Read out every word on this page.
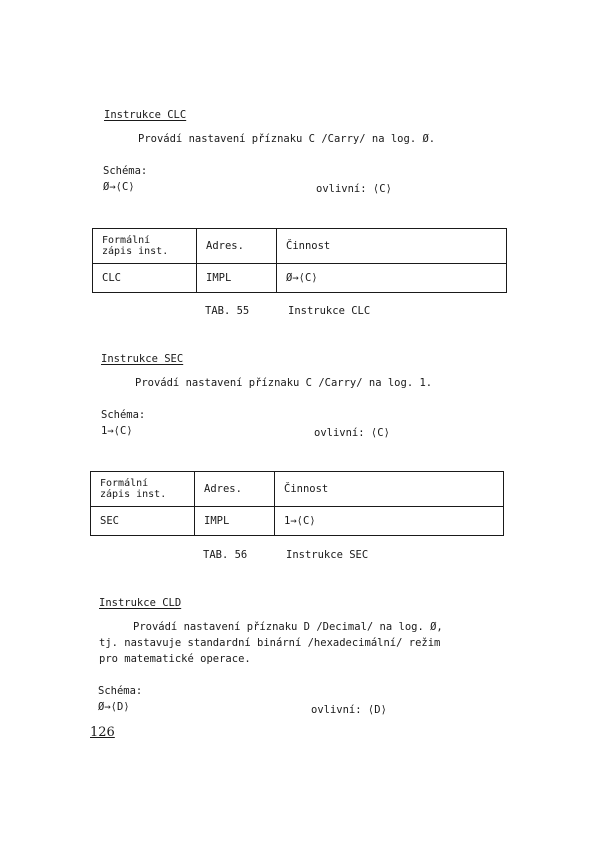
Instrukce CLC
Provádí nastavení příznaku C /Carry/ na log. Ø.
Schéma:
Ø→⟨C⟩	ovlivní: ⟨C⟩
Formální
zápis inst.	Adres.	Činnost
CLC	IMPL	Ø→⟨C⟩
TAB. 55	Instrukce CLC
Instrukce SEC
Provádí nastavení příznaku C /Carry/ na log. 1.
Schéma:
1→⟨C⟩	ovlivní: ⟨C⟩
Formální
zápis inst.	Adres.	Činnost
SEC	IMPL	1→⟨C⟩
TAB. 56	Instrukce SEC
Instrukce CLD
Provádí nastavení příznaku D /Decimal/ na log. Ø,
tj. nastavuje standardní binární /hexadecimální/ režim
pro matematické operace.
Schéma:
Ø→⟨D⟩	ovlivní: ⟨D⟩
126
